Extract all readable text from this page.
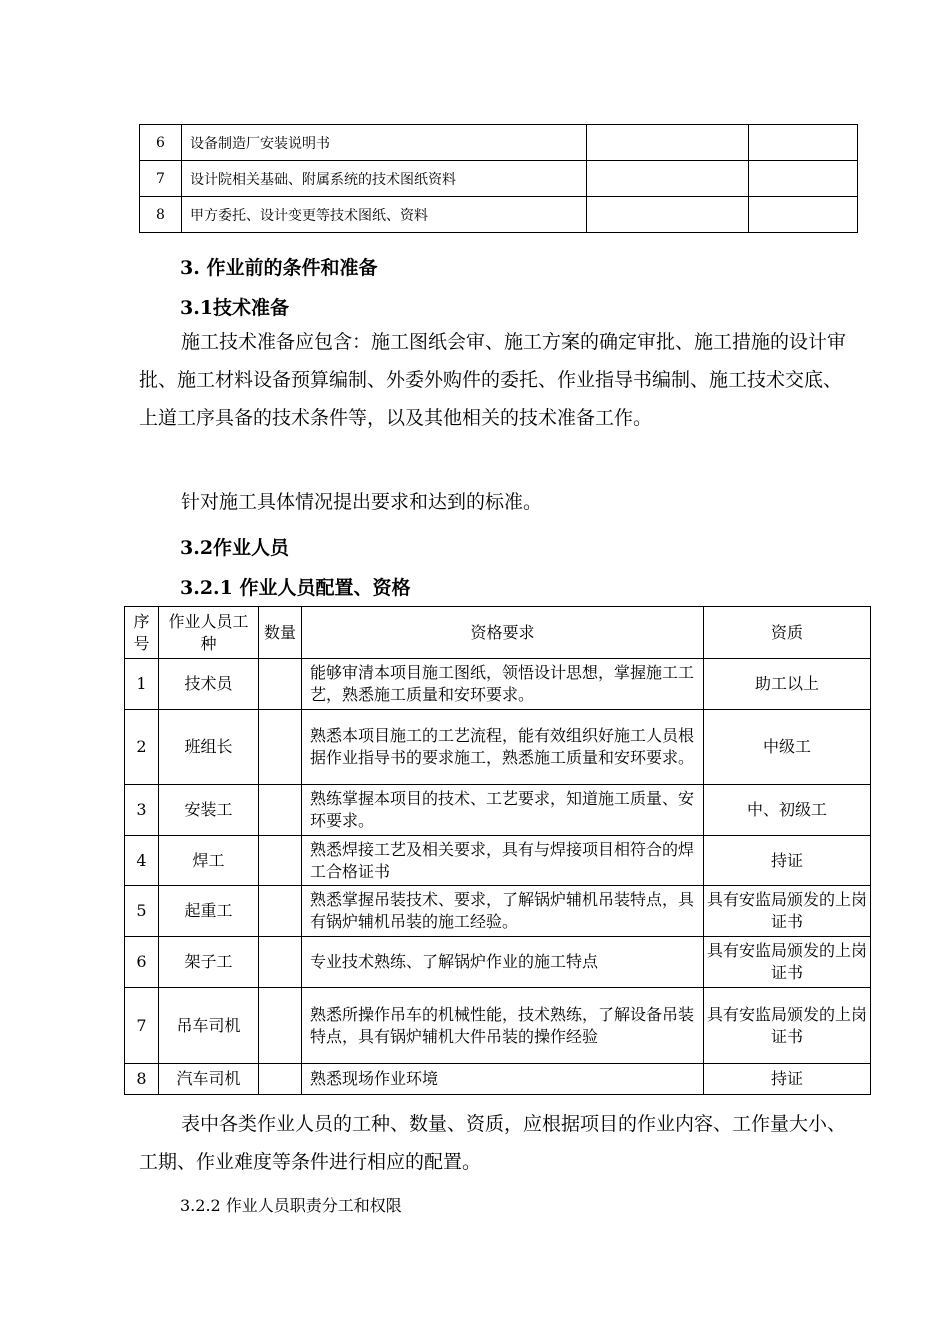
6	设备制造厂安装说明书		
7	设计院相关基础、附属系统的技术图纸资料		
8	甲方委托、设计变更等技术图纸、资料		
3. 作业前的条件和准备
3.1技术准备

施工技术准备应包含：施工图纸会审、施工方案的确定审批、施工措施的设计审批、施工材料设备预算编制、外委外购件的委托、作业指导书编制、施工技术交底、上道工序具备的技术条件等，以及其他相关的技术准备工作。

针对施工具体情况提出要求和达到的标准。

3.2作业人员
3.2.1 作业人员配置、资格
序号	作业人员工种	数量	资格要求	资质
1	技术员		能够审清本项目施工图纸，领悟设计思想，掌握施工工艺，熟悉施工质量和安环要求。	助工以上
2	班组长		熟悉本项目施工的工艺流程，能有效组织好施工人员根据作业指导书的要求施工，熟悉施工质量和安环要求。	中级工
3	安装工		熟练掌握本项目的技术、工艺要求，知道施工质量、安环要求。	中、初级工
4	焊工		熟悉焊接工艺及相关要求，具有与焊接项目相符合的焊工合格证书	持证
5	起重工		熟悉掌握吊装技术、要求，了解锅炉辅机吊装特点，具有锅炉辅机吊装的施工经验。	具有安监局颁发的上岗证书
6	架子工		专业技术熟练、了解锅炉作业的施工特点	具有安监局颁发的上岗证书
7	吊车司机		熟悉所操作吊车的机械性能，技术熟练，了解设备吊装特点，具有锅炉辅机大件吊装的操作经验	具有安监局颁发的上岗证书
8	汽车司机		熟悉现场作业环境	持证

表中各类作业人员的工种、数量、资质，应根据项目的作业内容、工作量大小、工期、作业难度等条件进行相应的配置。

3.2.2 作业人员职责分工和权限
